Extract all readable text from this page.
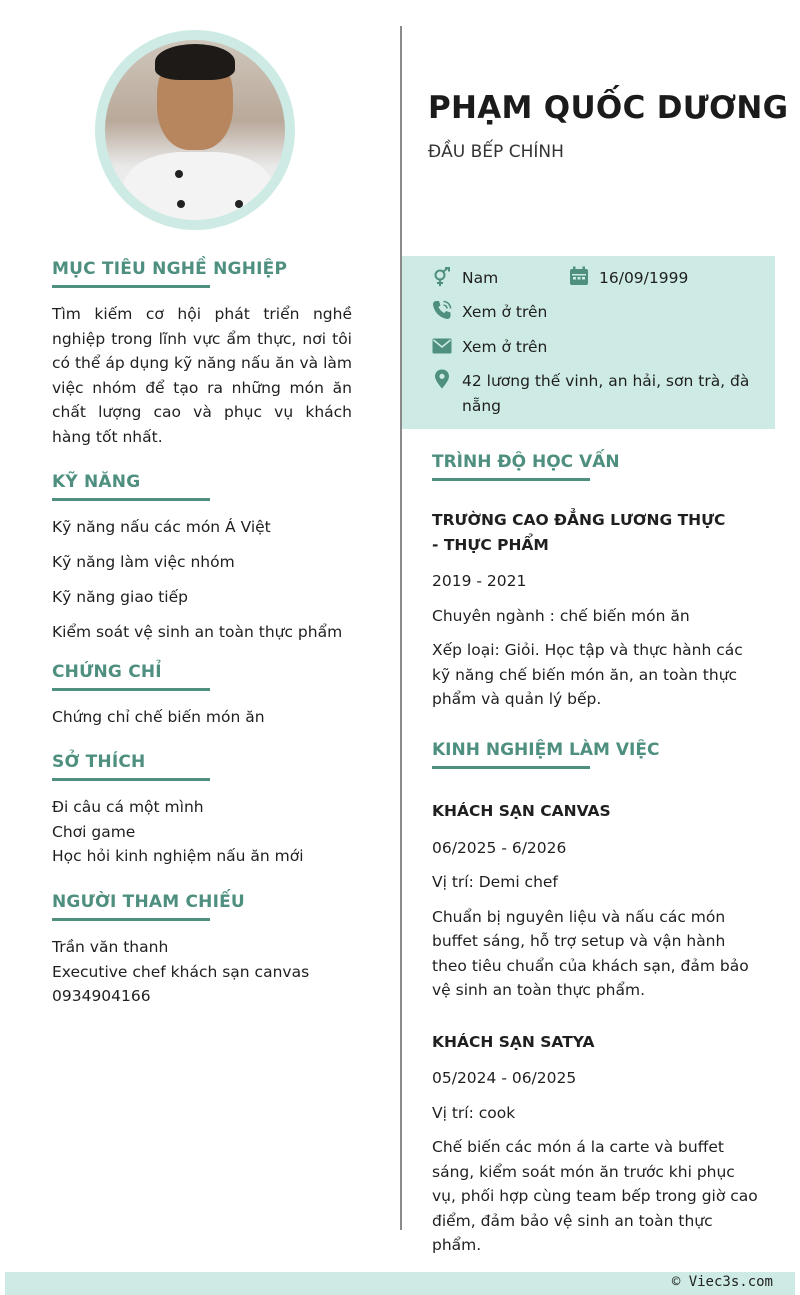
MỤC TIÊU NGHỀ NGHIỆP
Tìm kiếm cơ hội phát triển nghề nghiệp trong lĩnh vực ẩm thực, nơi tôi có thể áp dụng kỹ năng nấu ăn và làm việc nhóm để tạo ra những món ăn chất lượng cao và phục vụ khách hàng tốt nhất.
KỸ NĂNG
Kỹ năng nấu các món Á Việt
Kỹ năng làm việc nhóm
Kỹ năng giao tiếp
Kiểm soát vệ sinh an toàn thực phẩm
CHỨNG CHỈ
Chứng chỉ chế biến món ăn
SỞ THÍCH
Đi câu cá một mình
Chơi game
Học hỏi kinh nghiệm nấu ăn mới
NGƯỜI THAM CHIẾU
Trần văn thanh
Executive chef khách sạn canvas
0934904166
PHẠM QUỐC DƯƠNG
ĐẦU BẾP CHÍNH
Nam	16/09/1999
Xem ở trên
Xem ở trên
42 lương thế vinh, an hải, sơn trà, đà nẵng
TRÌNH ĐỘ HỌC VẤN
TRƯỜNG CAO ĐẲNG LƯƠNG THỰC - THỰC PHẨM
2019 - 2021
Chuyên ngành : chế biến món ăn
Xếp loại: Giỏi. Học tập và thực hành các kỹ năng chế biến món ăn, an toàn thực phẩm và quản lý bếp.
KINH NGHIỆM LÀM VIỆC
KHÁCH SẠN CANVAS
06/2025 - 6/2026
Vị trí: Demi chef
Chuẩn bị nguyên liệu và nấu các món buffet sáng, hỗ trợ setup và vận hành theo tiêu chuẩn của khách sạn, đảm bảo vệ sinh an toàn thực phẩm.
KHÁCH SẠN SATYA
05/2024 - 06/2025
Vị trí: cook
Chế biến các món á la carte và buffet sáng, kiểm soát món ăn trước khi phục vụ, phối hợp cùng team bếp trong giờ cao điểm, đảm bảo vệ sinh an toàn thực phẩm.
© Viec3s.com
